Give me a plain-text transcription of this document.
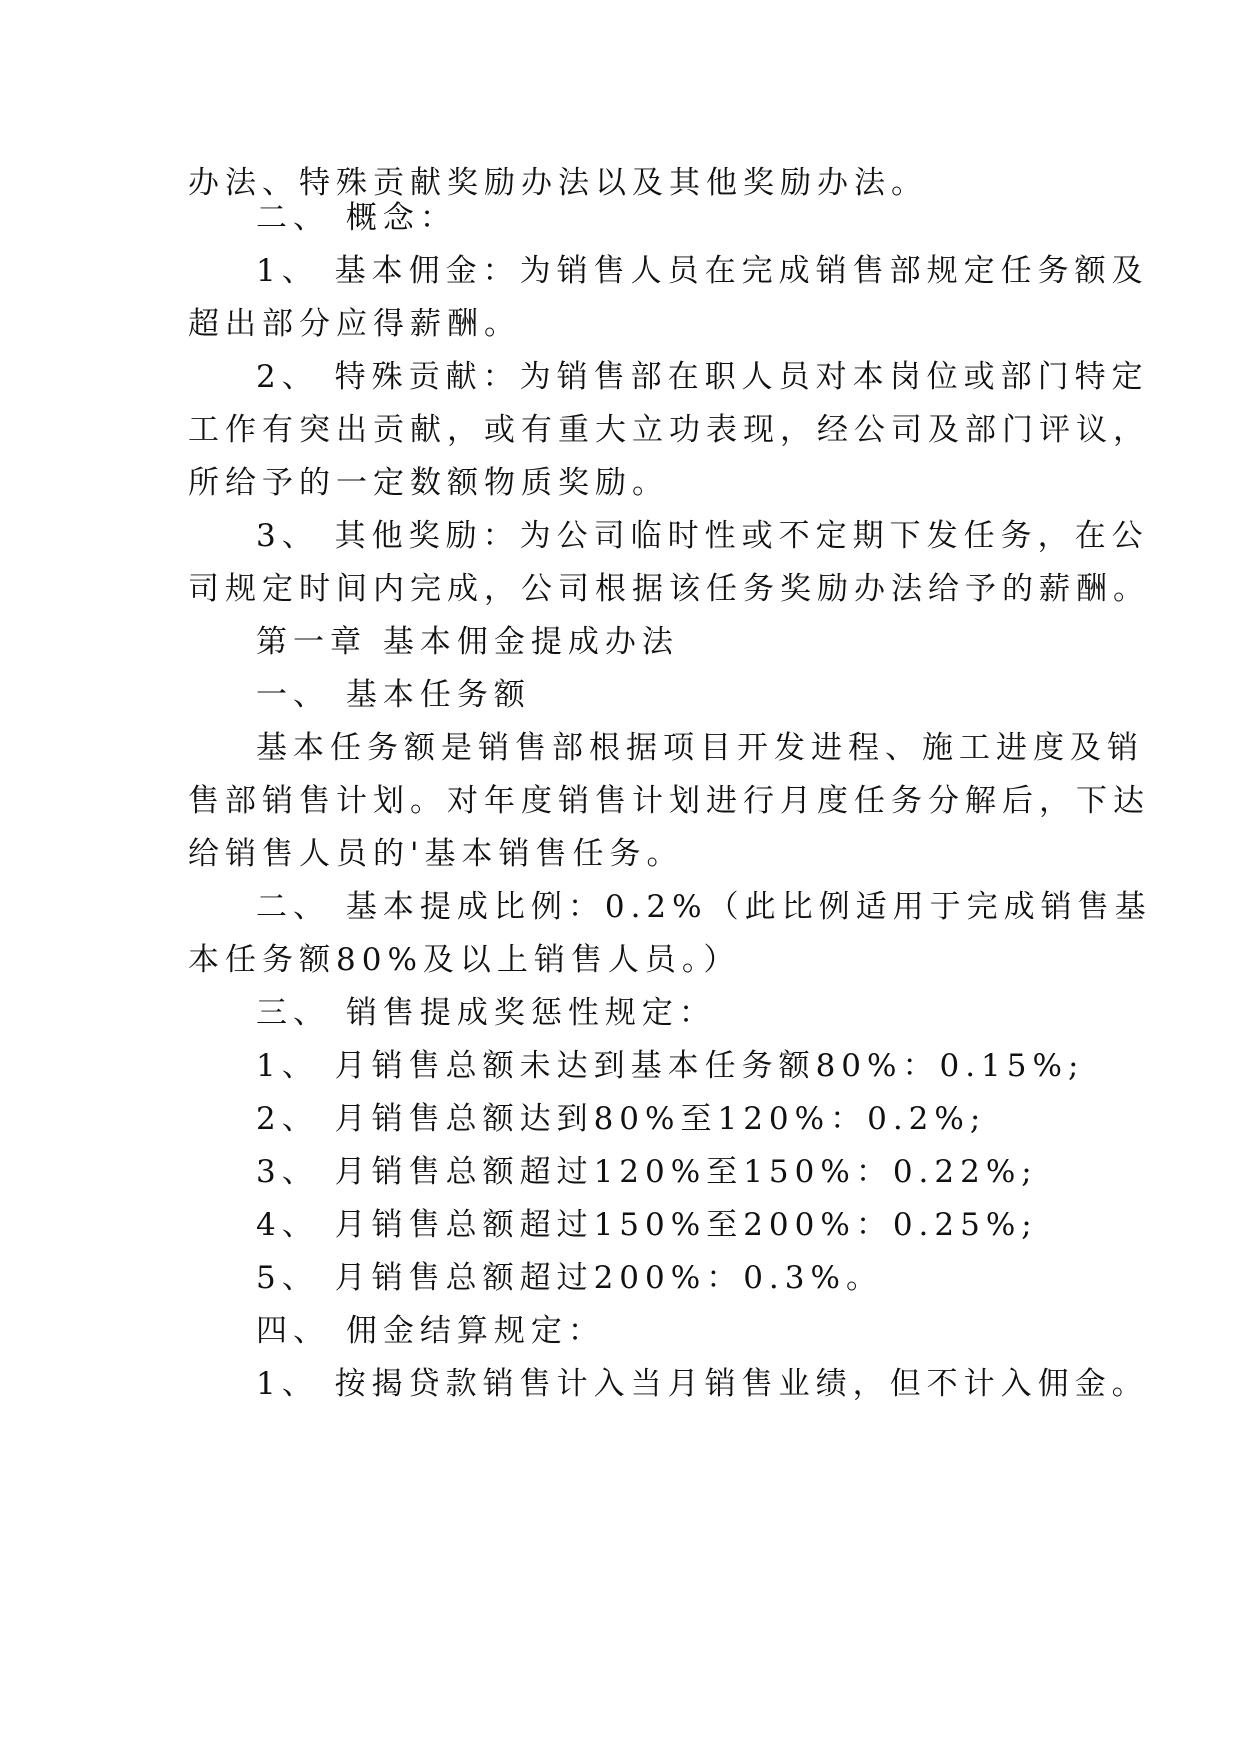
办法、特殊贡献奖励办法以及其他奖励办法。
二、 概念：
1、 基本佣金：为销售人员在完成销售部规定任务额及
超出部分应得薪酬。
2、 特殊贡献：为销售部在职人员对本岗位或部门特定
工作有突出贡献，或有重大立功表现，经公司及部门评议，
所给予的一定数额物质奖励。
3、 其他奖励：为公司临时性或不定期下发任务，在公
司规定时间内完成，公司根据该任务奖励办法给予的薪酬。
第一章 基本佣金提成办法
一、 基本任务额
基本任务额是销售部根据项目开发进程、施工进度及销
售部销售计划。对年度销售计划进行月度任务分解后，下达
给销售人员的'基本销售任务。
二、 基本提成比例：0.2%（此比例适用于完成销售基
本任务额80%及以上销售人员。）
三、 销售提成奖惩性规定：
1、 月销售总额未达到基本任务额80%：0.15%;
2、 月销售总额达到80%至120%：0.2%;
3、 月销售总额超过120%至150%：0.22%;
4、 月销售总额超过150%至200%：0.25%;
5、 月销售总额超过200%：0.3%。
四、 佣金结算规定：
1、 按揭贷款销售计入当月销售业绩，但不计入佣金。
